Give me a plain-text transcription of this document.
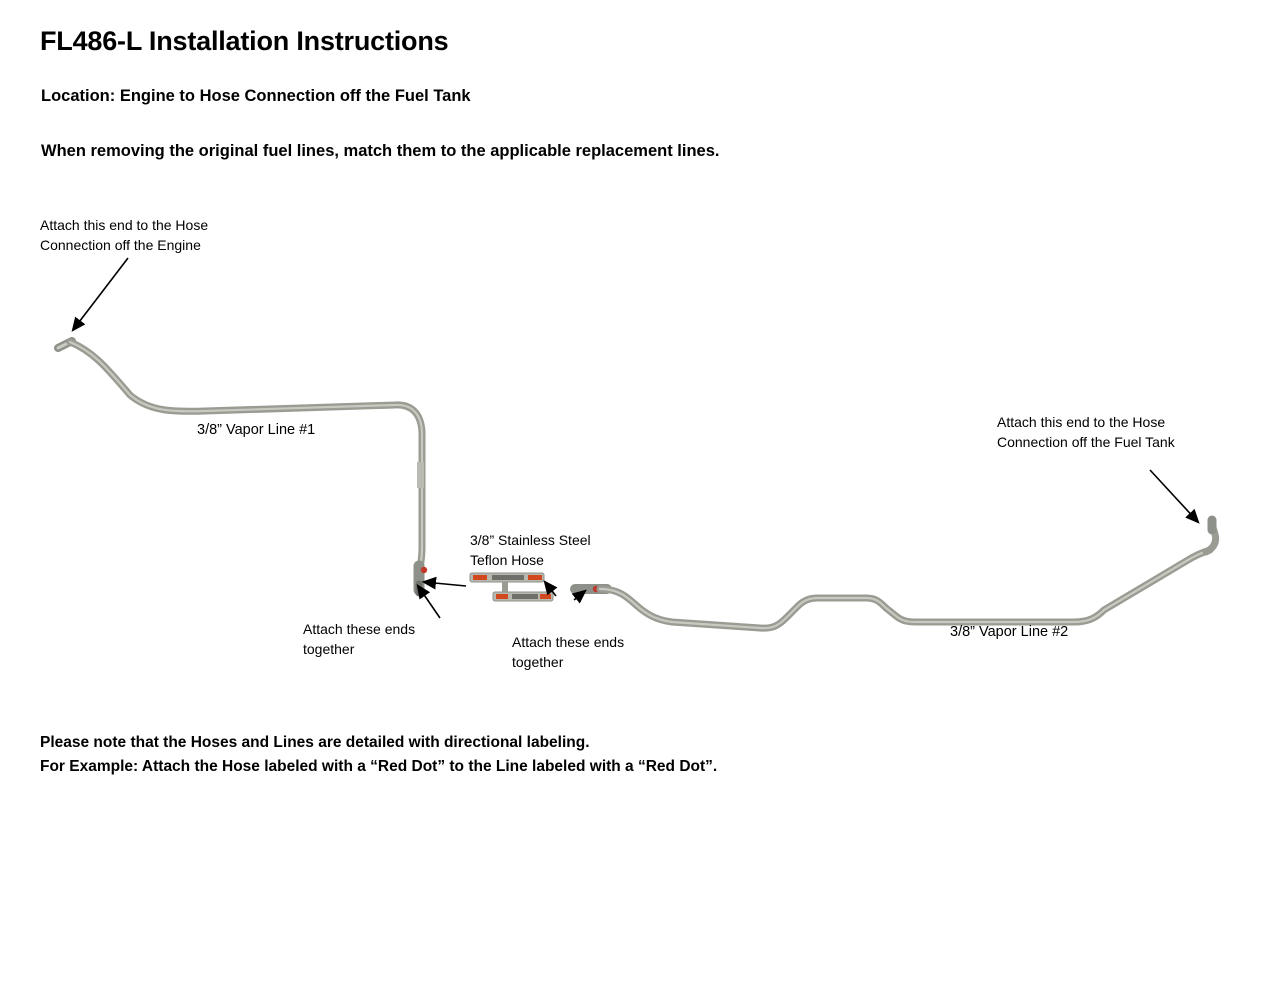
FL486-L Installation Instructions
Location: Engine to Hose Connection off the Fuel Tank
When removing the original fuel lines, match them to the applicable replacement lines.
Attach this end to the Hose
Connection off the Engine
Attach this end to the Hose
Connection off the Fuel Tank
3/8” Stainless Steel
Teflon Hose
Attach these ends
together	Attach these ends
together
3/8” Vapor Line #1
3/8” Vapor Line #2
Please note that the Hoses and Lines are detailed with directional labeling.
For Example: Attach the Hose labeled with a “Red Dot” to the Line labeled with a “Red Dot”.
